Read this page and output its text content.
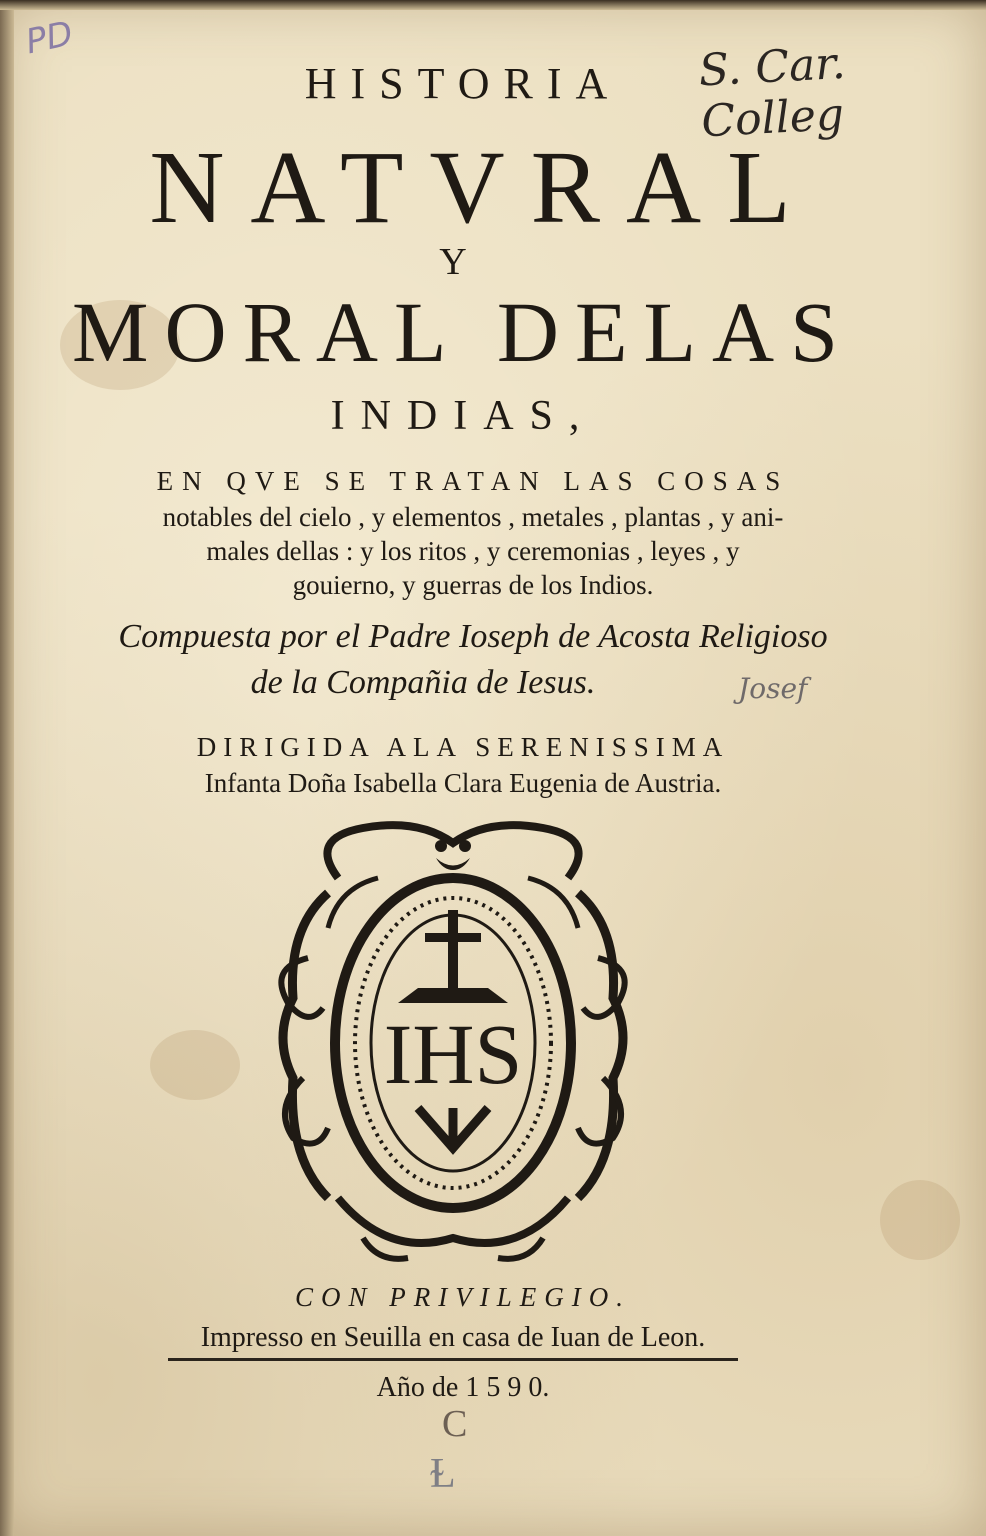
PD	S. Car. Colleg
HISTORIA
NATVRAL
Y
MORAL DELAS
INDIAS,
EN QVE SE TRATAN LAS COSAS
notables del cielo , y elementos , metales , plantas , y ani-
males dellas : y los ritos , y ceremonias , leyes , y
gouierno, y guerras de los Indios.
Compuesta por el Padre Ioseph de Acosta Religioso
de la Compañia de Iesus.	Josef
DIRIGIDA ALA SERENISSIMA
Infanta Doña Isabella Clara Eugenia de Austria.
IHS
CON PRIVILEGIO.
Impresso en Seuilla en casa de Iuan de Leon.
Año de 1 5 9 0.
C
Ɫ
